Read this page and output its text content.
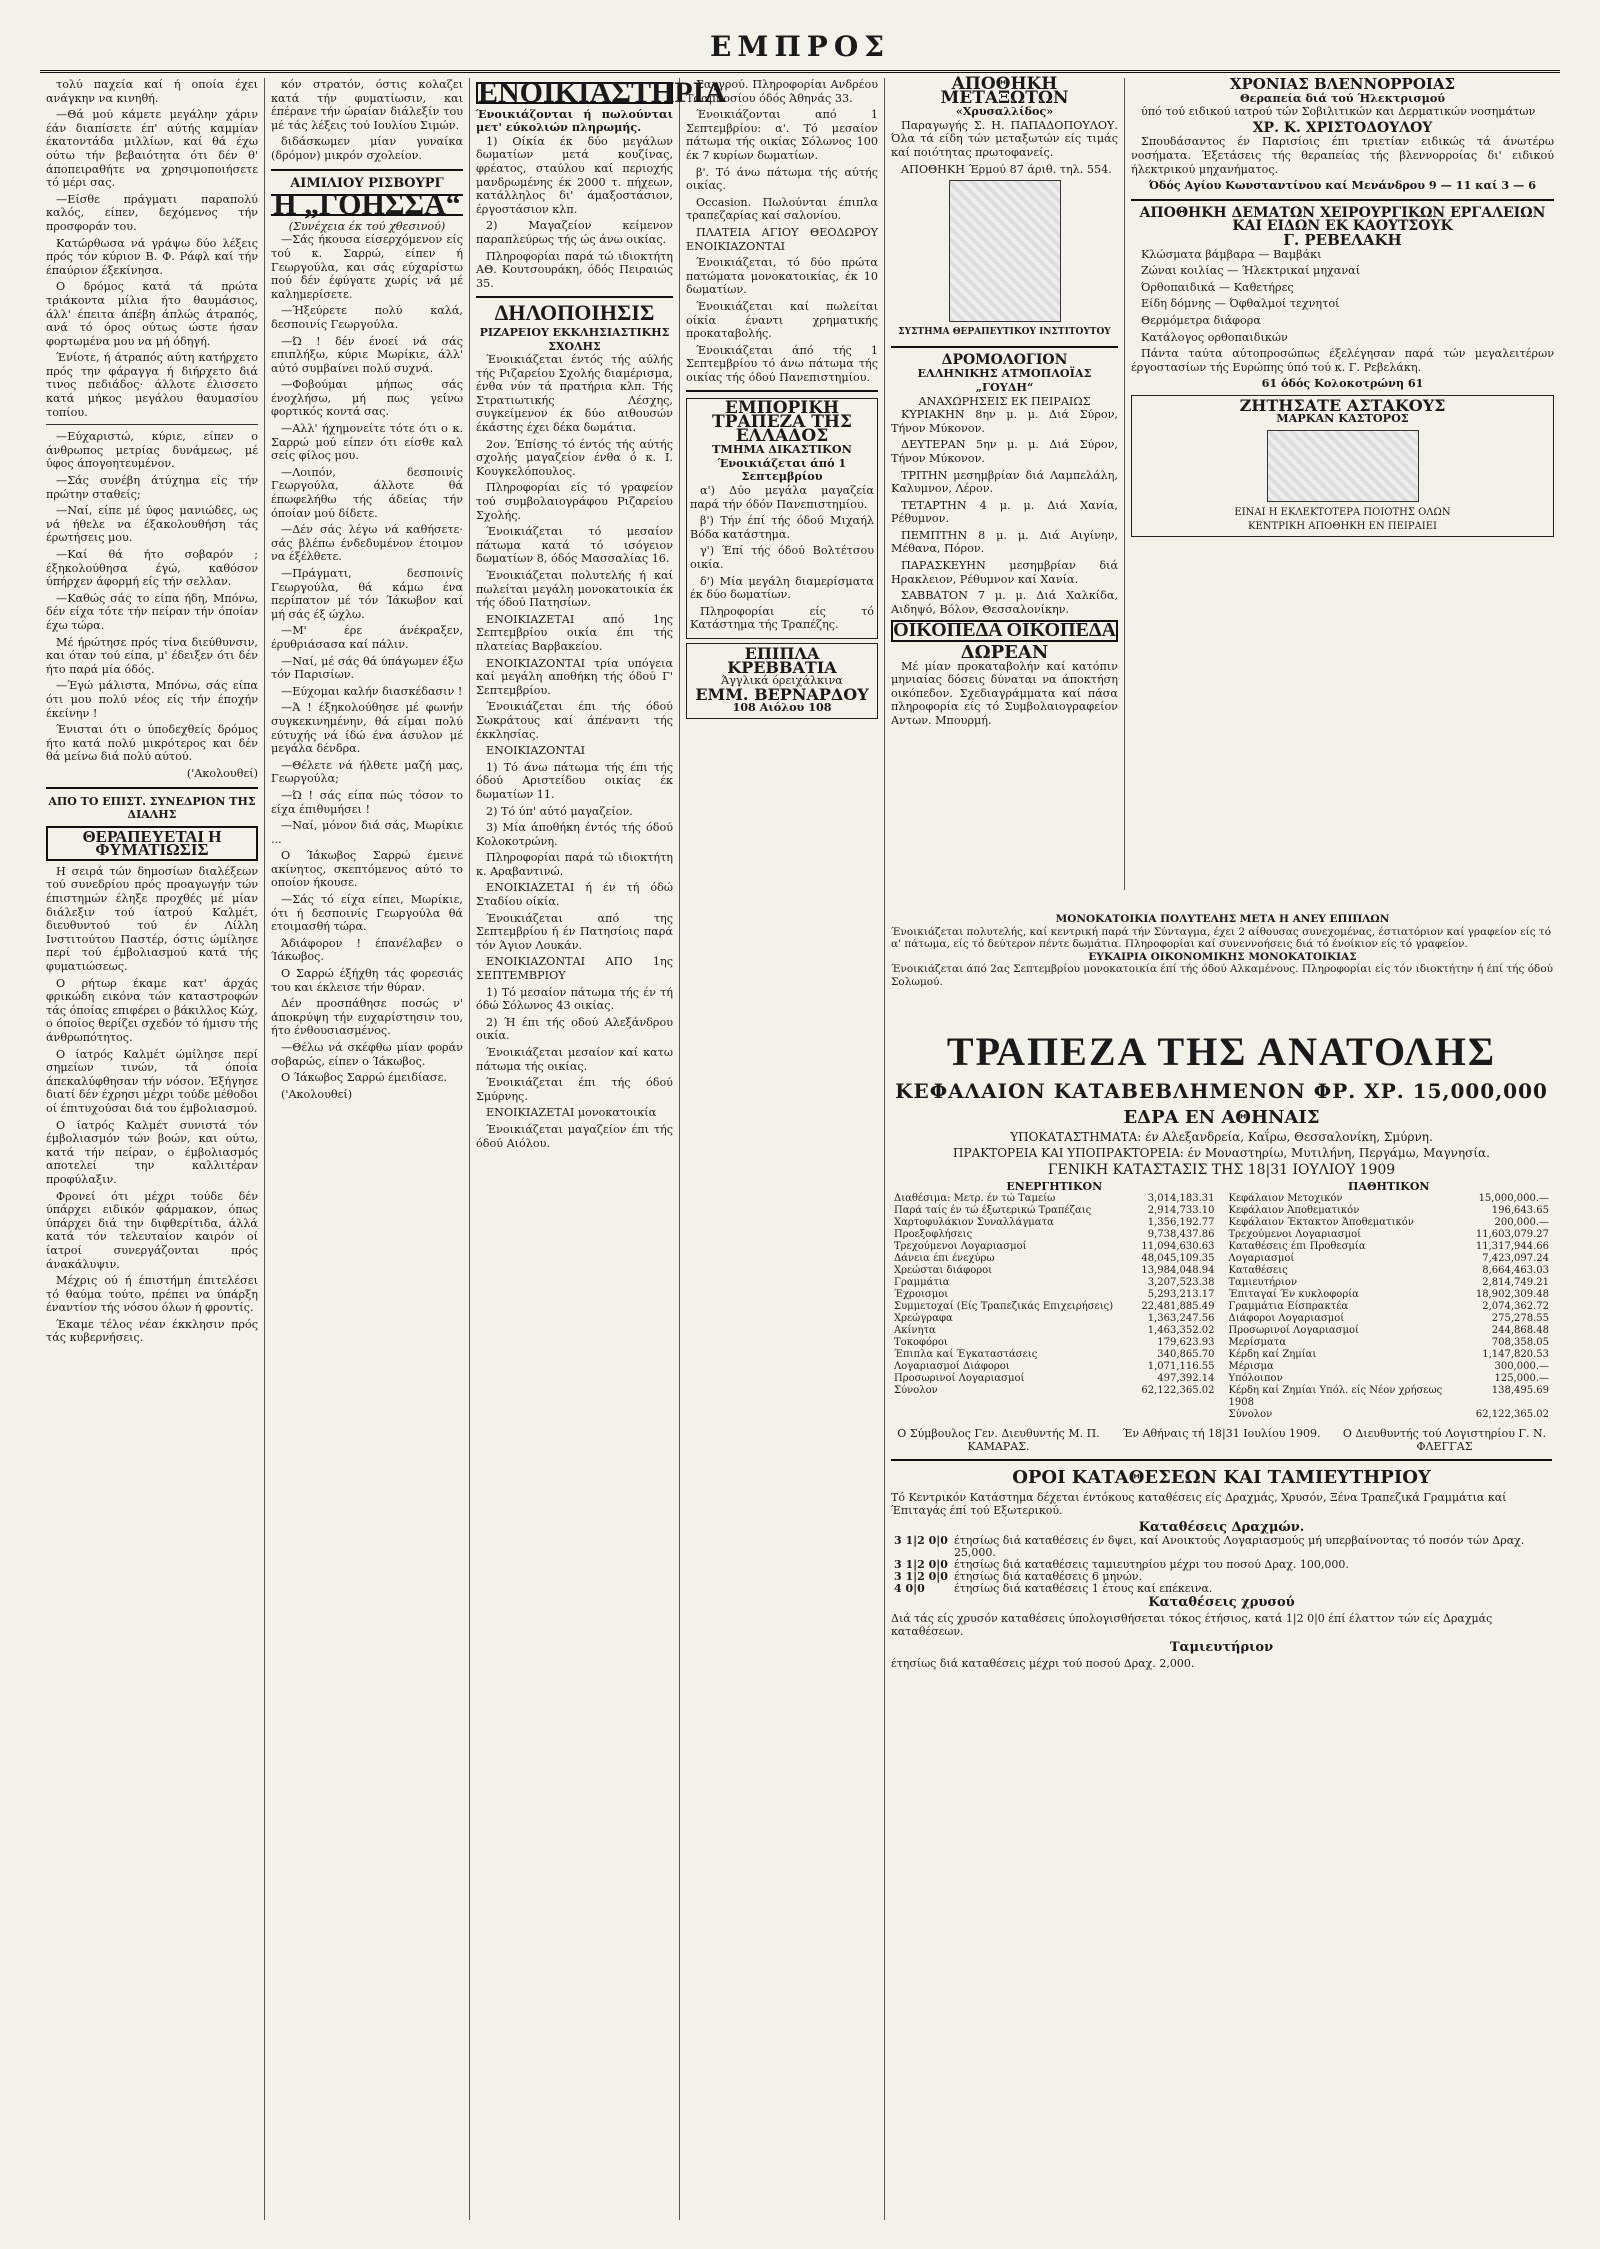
ΕΜΠΡΟΣ

τολύ παχεία καί ή οποία έχει ανάγκην να κινηθή.

—Θά μού κάμετε μεγάλην χάριν έάν διαπίσετε έπ' αύτής καμμίαν έκατοντάδα μιλλίων, καί θά έχω ούτω τήν βεβαιότητα ότι δέν θ' άποπειραθήτε να χρησιμοποιήσετε τό μέρι σας.

—Είσθε πράγματι παραπολύ καλός, είπεν, δεχόμενος τήν προσφοράν του.

Κατώρθωσα νά γράψω δύο λέξεις πρός τόν κύριον Β. Φ. Ράφλ καί τήν έπαύριον έξεκίνησα.

Ο δρόμος κατά τά πρώτα τριάκοντα μίλια ήτο θαυμάσιος, άλλ' έπειτα άπέβη άπλώς άτραπός, ανά τό όρος ούτως ώστε ήσαν φορτωμένα μου να μή όδηγή.

Ένίοτε, ή άτραπός αύτη κατήρχετο πρός την φάραγγα ή διήρχετο διά τινος πεδιάδος· άλλοτε έλισσετο κατά μήκος μεγάλου θαυμασίου τοπίου.

—Εύχαριστώ, κύριε, είπεν ο άνθρωπος μετρίας δυνάμεως, μέ ύφος άπογοητευμένον.

—Σάς συνέβη άτύχημα είς τήν πρώτην σταθείς;

—Ναί, είπε μέ ύφος μανιώδες, ως νά ήθελε να έξακολουθήση τάς έρωτήσεις μου.

—Καί θά ήτο σοβαρόν ; έξηκολούθησα έγώ, καθόσον ύπήρχεν άφορμή είς τήν σελλαν.

—Καθώς σάς το είπα ήδη, Μπόνω, δέν είχα τότε τήν πείραν τήν όποίαν έχω τώρα.

Μέ ήρώτησε πρός τίνα διεύθυνσιν, και όταν τού είπα, μ' έδειξεν ότι δέν ήτο παρά μία όδός.

—Έγώ μάλιστα, Μπόνω, σάς είπα ότι μου πολύ νέος είς τήν έποχήν έκείνην !

Ένισται ότι ο ύποδεχθείς δρόμος ήτο κατά πολύ μικρότερος και δέν θά μείνω διά πολύ αύτού.

('Ακολουθεί)
ΑΠΟ ΤΟ ΕΠΙΣΤ. ΣΥΝΕΔΡΙΟΝ ΤΗΣ ΔΙΑΛΗΣ
ΘΕΡΑΠΕΥΕΤΑΙ Η ΦΥΜΑΤΙΩΣΙΣ

Η σειρά τών δημοσίων διαλέξεων τού συνεδρίου πρός προαγωγήν τών έπιστημών έληξε προχθές μέ μίαν διάλεξιν τού ίατρού Καλμέτ, διευθυντού τού έν Λίλλη Ινστιτούτου Παστέρ, όστις ώμίλησε περί τού έμβολιασμού κατά τής φυματιώσεως.

Ο ρήτωρ έκαμε κατ' άρχάς φρικώδη εικόνα τών καταστροφών τάς όποίας επιφέρει ο βάκιλλος Κώχ, ο όποίος θερίζει σχεδόν τό ήμισυ τής άνθρωπότητος.

Ο ίατρός Καλμέτ ώμίλησε περί σημείων τινών, τά όποία άπεκαλύφθησαν τήν νόσον. Έξήγησε διατί δέν έχρησι μέχρι τούδε μέθοδοι οί έπιτυχούσαι διά του έμβολιασμού.

Ο ίατρός Καλμέτ συνιστά τόν έμβολιασμόν τών βοών, και ούτω, κατά τήν πείραν, ο έμβολιασμός αποτελεί την καλλιτέραν προφύλαξιν.

Φρονεί ότι μέχρι τούδε δέν ύπάρχει ειδικόν φάρμακον, όπως ύπάρχει διά την διφθερίτιδα, άλλά κατά τόν τελευταίον καιρόν οί ίατροί συνεργάζονται πρός άνακάλυψιν.

Μέχρις ού ή έπιστήμη έπιτελέσει τό θαύμα τούτο, πρέπει να ύπάρξη έναντίον τής νόσου όλων ή φροντίς.

Έκαμε τέλος νέαν έκκλησιν πρός τάς κυβερνήσεις.

κόν στρατόν, όστις κολαζει κατά τήν φυματίωσιν, και έπέρανε τήν ώραίαν διάλεξίν του μέ τάς λέξεις τού Ιουλίου Σιμών.

διδάσκωμεν μίαν γυναίκα (δρόμον) μικρόν σχολείον.

ΑΙΜΙΛΙΟΥ ΡΙΣΒΟΥΡΓ
Η „ΓΟΗΣΣΑ“
(Συνέχεια έκ τού χθεσινού)

—Σάς ήκουσα είσερχόμενον είς τού κ. Σαρρώ, είπεν ή Γεωργούλα, και σάς εύχαρίστω πού δέν έφύγατε χωρίς νά μέ καλημερίσετε.

—Ήξεύρετε πολύ καλά, δεσποινίς Γεωργούλα.

—Ώ ! δέν ένοεί νά σάς επιπλήξω, κύριε Μωρίκιε, άλλ' αύτό συμβαίνει πολύ συχνά.

—Φοβούμαι μήπως σάς ένοχλήσω, μή πως γείνω φορτικός κοντά σας.

—Αλλ' ήχημονείτε τότε ότι ο κ. Σαρρώ μού είπεν ότι είσθε καλ σείς φίλος μου.

—Λοιπόν, δεσποινίς Γεωργούλα, άλλοτε θά έπωφελήθω τής άδείας τήν όποίαν μού δίδετε.

—Δέν σάς λέγω νά καθήσετε· σάς βλέπω ένδεδυμένον έτοιμον να έξέλθετε.

—Πράγματι, δεσποινίς Γεωργούλα, θά κάμω ένα περίπατον μέ τόν Ίάκωβον καί μή σάς έξ ώχλω.

—Μ' έρε άνέκραξεν, έρυθριάσασα καί πάλιν.

—Ναί, μέ σάς θά ύπάγωμεν έξω τόν Παρισίων.

—Εύχομαι καλήν διασκέδασιν !

—Ά ! έξηκολούθησε μέ φωνήν συγκεκινημένην, θά είμαι πολύ εύτυχής νά ίδώ ένα άσυλον μέ μεγάλα δένδρα.

—Θέλετε νά ήλθετε μαζή μας, Γεωργούλα;

—Ώ ! σάς είπα πώς τόσον το είχα έπιθυμήσει !

—Ναί, μόνον διά σάς, Μωρίκιε ...

Ο Ίάκωβος Σαρρώ έμεινε ακίνητος, σκεπτόμενος αύτό το οποίον ήκουσε.

—Σάς τό είχα είπει, Μωρίκιε, ότι ή δεσποινίς Γεωργούλα θά ετοιμασθή τώρα.

Άδιάφορον ! έπανέλαβεν ο Ίάκωβος.

Ο Σαρρώ έξήχθη τάς φορεσιάς του και έκλεισε τήν θύραν.

Δέν προσπάθησε ποσώς ν' άποκρύψη τήν ευχαρίστησιν του, ήτο ένθουσιασμένος.

—Θέλω νά σκέφθω μίαν φοράν σοβαρώς, είπεν ο Ίάκωβος.

Ο Ίάκωβος Σαρρώ έμειδίασε.

('Ακολουθεί)

ΕΝΟΙΚΙΑΣΤΗΡΙΑ
Ένοικιάζονται ή πωλούνται μετ' εύκολιών πληρωμής.

1) Οίκία έκ δύο μεγάλων δωματίων μετά κουζίνας, φρέατος, σταύλου καί περιοχής μανδρωμένης έκ 2000 τ. πήχεων, κατάλληλος δι' άμαξοστάσιον, έργοστάσιον κλπ.

2) Μαγαζείον κείμενον παραπλεύρως τής ώς άνω οικίας.

Πληροφορίαι παρά τώ ιδιοκτήτη ΑΘ. Κουτσουράκη, όδός Πειραιώς 35.

ΔΗΛΟΠΟΙΗΣΙΣ
ΡΙΖΑΡΕΙΟΥ ΕΚΚΛΗΣΙΑΣΤΙΚΗΣ ΣΧΟΛΗΣ

Ένοικιάζεται έντός τής αύλής τής Ριζαρείου Σχολής διαμέρισμα, ένθα νύν τά πρατήρια κλπ. Τής Στρατιωτικής Λέσχης, συγκείμενον έκ δύο αιθουσών έκάστης έχει δέκα δωμάτια.

2ον. Έπίσης τό έντός τής αύτής σχολής μαγαζείον ένθα ό κ. Ι. Κουγκελόπουλος.

Πληροφορίαι είς τό γραφείον τού συμβολαιογράφου Ριζαρείου Σχολής.

Ένοικιάζεται τό μεσαίον πάτωμα κατά τό ισόγειον δωματίων 8, όδός Μασσαλίας 16.

Ένοικιάζεται πολυτελής ή καί πωλείται μεγάλη μονοκατοικία έκ τής όδού Πατησίων.

ΕΝΟΙΚΙΑΖΕΤΑΙ από 1ης Σεπτεμβρίου οικία έπι τής πλατείας Βαρβακείου.

ΕΝΟΙΚΙΑΖΟΝΤΑΙ τρία υπόγεια καί μεγάλη αποθήκη τής όδού Γ' Σεπτεμβρίου.

Ένοικιάζεται έπι τής όδού Σωκράτους καί άπέναντι τής έκκλησίας.

ΕΝΟΙΚΙΑΖΟΝΤΑΙ

1) Τό άνω πάτωμα τής έπι τής όδού Αριστείδου οικίας έκ δωματίων 11.

2) Τό ύπ' αύτό μαγαζείον.

3) Μία άποθήκη έντός τής όδού Κολοκοτρώνη.

Πληροφορίαι παρά τώ ιδιοκτήτη κ. Αραβαντινώ.

ΕΝΟΙΚΙΑΖΕΤΑΙ ή έν τή όδώ Σταδίου οίκία.

Ένοικιάζεται από της Σεπτεμβρίου ή έν Πατησίοις παρά τόν Άγιον Λουκάν.

ΕΝΟΙΚΙΑΖΟΝΤΑΙ ΑΠΟ 1ης ΣΕΠΤΕΜΒΡΙΟΥ

1) Τό μεσαίον πάτωμα τής έν τή όδώ Σόλωνος 43 οικίας.

2) Ή έπι τής οδού Αλεξάνδρου οικία.

Ένοικιάζεται μεσαίον καί κατω πάτωμα τής οικίας.

Ένοικιάζεται έπι τής όδού Σμύρνης.

ΕΝΟΙΚΙΑΖΕΤΑΙ μονοκατοικία

Ένοικιάζεται μαγαζείον έπι τής όδού Αιόλου.

Σαγγρού. Πληροφορίαι Ανδρέου Τσαμποσίου όδός Άθηνάς 33.

Ένοικιάζονται από 1 Σεπτεμβρίου: α'. Τό μεσαίον πάτωμα τής οικίας Σόλωνος 100 έκ 7 κυρίων δωματίων.

β'. Τό άνω πάτωμα τής αύτής οικίας.

Occasion. Πωλούνται έπιπλα τραπεζαρίας καί σαλονίου.

ΠΛΑΤΕΙΑ ΑΓΙΟΥ ΘΕΟΔΩΡΟΥ ΕΝΟΙΚΙΑΖΟΝΤΑΙ

Ένοικιάζεται, τό δύο πρώτα πατώματα μονοκατοικίας, έκ 10 δωματίων.

Ένοικιάζεται καί πωλείται οίκία έναντι χρηματικής προκαταβολής.

Ένοικιάζεται άπό τής 1 Σεπτεμβρίου τό άνω πάτωμα τής οικίας τής όδού Πανεπιστημίου.

ΕΜΠΟΡΙΚΗ ΤΡΑΠΕΖΑ ΤΗΣ ΕΛΛΑΔΟΣ
ΤΜΗΜΑ ΔΙΚΑΣΤΙΚΟΝ
Ένοικιάζεται άπό 1 Σεπτεμβρίου

α') Δύο μεγάλα μαγαζεία παρά τήν όδόν Πανεπιστημίου.

β') Τήν έπί τής όδού Μιχαήλ Βόδα κατάστημα.

γ') Έπί τής όδού Βολτέτσου οικία.

δ') Μία μεγάλη διαμερίσματα έκ δύο δωματίων.

Πληροφορίαι είς τό Κατάστημα τής Τραπέζης.

ΕΠΙΠΛΑ ΚΡΕΒΒΑΤΙΑ
Άγγλικά όρειχάλκινα
ΕΜΜ. ΒΕΡΝΑΡΔΟΥ
108 Αιόλου 108
ΑΠΟΘΗΚΗ ΜΕΤΑΞΩΤΩΝ
«Χρυσαλλίδος»

Παραγωγής Σ. Η. ΠΑΠΑΔΟΠΟΥΛΟΥ. Όλα τά είδη τών μεταξωτών είς τιμάς καί ποιότητας πρωτοφανείς.

ΑΠΟΘΗΚΗ Έρμού 87 άριθ. τηλ. 554.

ΣΥΣΤΗΜΑ ΘΕΡΑΠΕΥΤΙΚΟΥ ΙΝΣΤΙΤΟΥΤΟΥ
ΔΡΟΜΟΛΟΓΙΟΝ
ΕΛΛΗΝΙΚΗΣ ΑΤΜΟΠΛΟΪΑΣ „ΓΟΥΔΗ“
ΑΝΑΧΩΡΗΣΕΙΣ ΕΚ ΠΕΙΡΑΙΩΣ

ΚΥΡΙΑΚΗΝ 8ην μ. μ. Διά Σύρον, Τήνον Μύκονον.

ΔΕΥΤΕΡΑΝ 5ην μ. μ. Διά Σύρον, Τήνον Μύκονον.

ΤΡΙΤΗΝ μεσημβρίαν διά Λαμπελάλη, Καλυμνον, Λέρον.

ΤΕΤΑΡΤΗΝ 4 μ. μ. Διά Χανία, Ρέθυμνον.

ΠΕΜΠΤΗΝ 8 μ. μ. Διά Αιγίνην, Μέθανα, Πόρον.

ΠΑΡΑΣΚΕΥΗΝ μεσημβρίαν διά Ηρακλειον, Ρέθυμνον καί Χανία.

ΣΑΒΒΑΤΟΝ 7 μ. μ. Διά Χαλκίδα, Αιδηψό, Βόλον, Θεσσαλονίκην.

ΟΙΚΟΠΕΔΑ ΟΙΚΟΠΕΔΑ
ΔΩΡΕΑΝ

Μέ μίαν προκαταβολήν καί κατόπιν μηνιαίας δόσεις δύναται να άποκτήση οικόπεδον. Σχεδιαγράμματα καί πάσα πληροφορία είς τό Συμβολαιογραφείον Αντων. Μπουρμή.

ΧΡΟΝΙΑΣ ΒΛΕΝΝΟΡΡΟΙΑΣ
Θεραπεία διά τού Ήλεκτρισμού

ύπό τού ειδικού ιατρού τών Σοβιλιτικών και Δερματικών νοσημάτων

ΧΡ. Κ. ΧΡΙΣΤΟΔΟΥΛΟΥ

Σπουδάσαντος έν Παρισίοις έπι τριετίαν ειδικώς τά άνωτέρω νοσήματα. Έξετάσεις τής θεραπείας τής βλεννορροίας δι' ειδικού ήλεκτρικού μηχανήματος.

Όδός Αγίου Κωνσταντίνου καί Μενάνδρου 9 — 11 καί 3 — 6
ΑΠΟΘΗΚΗ ΔΕΜΑΤΩΝ ΧΕΙΡΟΥΡΓΙΚΩΝ ΕΡΓΑΛΕΙΩΝ ΚΑΙ ΕΙΔΩΝ ΕΚ ΚΑΟΥΤΣΟΥΚ
Γ. ΡΕΒΕΛΑΚΗ

Κλώσματα βάμβαρα — Βαμβάκι

Ζώναι κοιλίας — Ήλεκτρικαί μηχαναί

Όρθοπαιδικά — Καθετήρες

Είδη δόμνης — Όφθαλμοί τεχνητοί

Θερμόμετρα διάφορα

Κατάλογος ορθοπαιδικών

Πάντα ταύτα αύτοπροσώπως έξελέγησαν παρά τών μεγαλειτέρων έργοστασίων τής Ευρώπης ύπό τού κ. Γ. Ρεβελάκη.

61 όδός Κολοκοτρώνη 61
ΖΗΤΗΣΑΤΕ ΑΣΤΑΚΟΥΣ
ΜΑΡΚΑΝ ΚΑΣΤΟΡΟΣ
ΕΙΝΑΙ Η ΕΚΛΕΚΤΟΤΕΡΑ ΠΟΙΟΤΗΣ ΟΛΩΝ
ΚΕΝΤΡΙΚΗ ΑΠΟΘΗΚΗ ΕΝ ΠΕΙΡΑΙΕΙ
ΜΟΝΟΚΑΤΟΙΚΙΑ ΠΟΛΥΤΕΛΗΣ ΜΕΤΑ Η ΑΝΕΥ ΕΠΙΠΛΩΝ

Ένοικιάζεται πολυτελής, καί κεντρική παρά τήν Σύνταγμα, έχει 2 αίθουσας συνεχομένας, έστιατόριον καί γραφείον είς τό α' πάτωμα, είς τό δεύτερον πέντε δωμάτια. Πληροφορίαι καί συνεννοήσεις διά τό ένοίκιον είς τό γραφείον.

ΕΥΚΑΙΡΙΑ ΟΙΚΟΝΟΜΙΚΗΣ ΜΟΝΟΚΑΤΟΙΚΙΑΣ

Ένοικιάζεται άπό 2ας Σεπτεμβρίου μονοκατοικία έπί τής όδού Αλκαμένους. Πληροφορίαι είς τόν ιδιοκτήτην ή έπί τής όδού Σολωμού.

ΤΡΑΠΕΖΑ ΤΗΣ ΑΝΑΤΟΛΗΣ
ΚΕΦΑΛΑΙΟΝ ΚΑΤΑΒΕΒΛΗΜΕΝΟΝ ΦΡ. ΧΡ. 15,000,000
ΕΔΡΑ ΕΝ ΑΘΗΝΑΙΣ
ΥΠΟΚΑΤΑΣΤΗΜΑΤΑ: έν Αλεξανδρεία, Καΐρω, Θεσσαλονίκη, Σμύρνη.
ΠΡΑΚΤΟΡΕΙΑ ΚΑΙ ΥΠΟΠΡΑΚΤΟΡΕΙΑ: έν Μοναστηρίω, Μυτιλήνη, Περγάμω, Μαγνησία.
ΓΕΝΙΚΗ ΚΑΤΑΣΤΑΣΙΣ ΤΗΣ 18|31 ΙΟΥΛΙΟΥ 1909
ΕΝΕΡΓΗΤΙΚΟΝ
Διαθέσιμα: Μετρ. έν τώ Ταμείω	3,014,183.31
Παρά ταίς έν τώ έξωτερικώ Τραπέζαις	2,914,733.10
Χαρτοφυλάκιον Συναλλάγματα	1,356,192.77
Προεξοφλήσεις	9,738,437.86
Τρεχούμενοι Λογαριασμοί	11,094,630.63
Δάνεια έπι ένεχύρω	48,045,109.35
Χρεώσται διάφοροι	13,984,048.94
Γραμμάτια	3,207,523.38
Έχροισμοι	5,293,213.17
Συμμετοχαί (Είς Τραπεζικάς Επιχειρήσεις)	22,481,885.49
Χρεώγραφα	1,363,247.56
Ακίνητα	1,463,352.02
Τοκοφόροι	179,623.93
Έπιπλα καί Έγκαταστάσεις	340,865.70
Λογαριασμοί Διάφοροι	1,071,116.55
Προσωρινοί Λογαριασμοί	497,392.14
Σύνολον	62,122,365.02
ΠΑΘΗΤΙΚΟΝ
Κεφάλαιον Μετοχικόν	15,000,000.—
Κεφάλαιον Άποθεματικόν	196,643.65
Κεφάλαιον Έκτακτον Άποθεματικόν	200,000.—
Τρεχούμενοι Λογαριασμοί	11,603,079.27
Καταθέσεις έπι Προθεσμία	11,317,944.66
Λογαριασμοί	7,423,097.24
Καταθέσεις	8,664,463.03
Ταμιευτήριον	2,814,749.21
Έπιταγαί Έν κυκλοφορία	18,902,309.48
Γραμμάτια Είσπρακτέα	2,074,362.72
Διάφοροι Λογαριασμοί	275,278.55
Προσωρινοί Λογαριασμοί	244,868.48
Μερίσματα	708,358.05
Κέρδη καί Ζημίαι	1,147,820.53
Μέρισμα	300,000.—
Υπόλοιπον	125,000.—
Κέρδη καί Ζημίαι Υπόλ. είς Νέον χρήσεως 1908	138,495.69
Σύνολον	62,122,365.02
Ο Σύμβουλος Γεν. Διευθυντής Μ. Π. ΚΑΜΑΡΑΣ.
Έν Αθήναις τή 18|31 Ιουλίου 1909.	Ο Διευθυντής τού Λογιστηρίου Γ. Ν. ΦΛΕΓΓΑΣ
ΟΡΟΙ ΚΑΤΑΘΕΣΕΩΝ ΚΑΙ ΤΑΜΙΕΥΤΗΡΙΟΥ

Τό Κεντρικόν Κατάστημα δέχεται έντόκους καταθέσεις είς Δραχμάς, Χρυσόν, Ξένα Τραπεζικά Γραμμάτια καί Έπιταγάς έπί τού Εξωτερικού.

Καταθέσεις Δραχμών.
3 1|2 0|0	έτησίως διά καταθέσεις έν δψει, καί Ανοικτούς Λογαριασμούς μή υπερβαίνοντας τό ποσόν τών Δραχ. 25,000.
3 1|2 0|0	έτησίως διά καταθέσεις ταμιευτηρίου μέχρι του ποσού Δραχ. 100,000.
3 1|2 0|0	έτησίως διά καταθέσεις 6 μηνών.
4 0|0	έτησίως διά καταθέσεις 1 έτους καί επέκεινα.
Καταθέσεις χρυσού

Διά τάς είς χρυσόν καταθέσεις ύπολογισθήσεται τόκος έτήσιος, κατά 1|2 0|0 έπί έλαττον τών είς Δραχμάς καταθέσεων.

Ταμιευτήριον

έτησίως διά καταθέσεις μέχρι τού ποσού Δραχ. 2,000.
